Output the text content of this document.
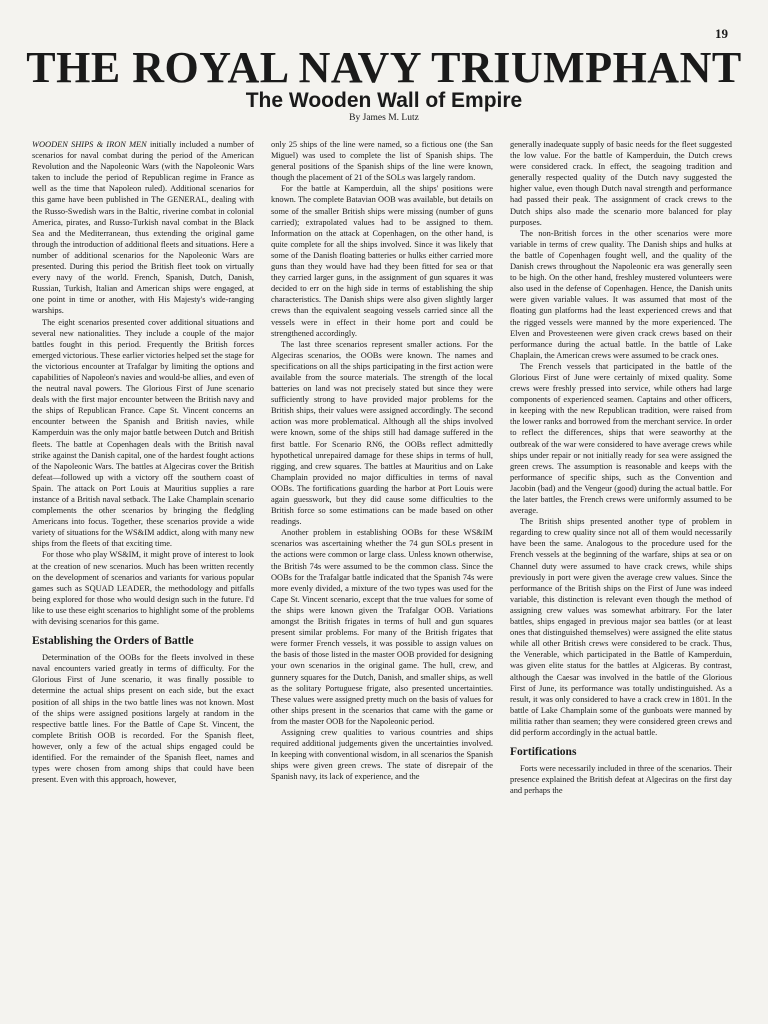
19
THE ROYAL NAVY TRIUMPHANT
The Wooden Wall of Empire
By James M. Lutz

WOODEN SHIPS & IRON MEN initially included a number of scenarios for naval combat during the period of the American Revolution and the Napoleonic Wars (with the Napoleonic Wars taken to include the period of Republican regime in France as well as the time that Napoleon ruled). Additional scenarios for this game have been published in The GENERAL, dealing with the Russo-Swedish wars in the Baltic, riverine combat in colonial America, pirates, and Russo-Turkish naval combat in the Black Sea and the Mediterranean, thus extending the original game through the introduction of additional fleets and situations. Here a number of additional scenarios for the Napoleonic Wars are presented. During this period the British fleet took on virtually every navy of the world. French, Spanish, Dutch, Danish, Russian, Turkish, Italian and American ships were engaged, at one point in time or another, with His Majesty's wide-ranging warships.

The eight scenarios presented cover additional situations and several new nationalities. They include a couple of the major battles fought in this period. Frequently the British forces emerged victorious. These earlier victories helped set the stage for the victorious encounter at Trafalgar by limiting the options and capabilities of Napoleon's navies and would-be allies, and even of the neutral naval powers. The Glorious First of June scenario deals with the first major encounter between the British navy and the ships of Republican France. Cape St. Vincent concerns an encounter between the Spanish and British navies, while Kamperduin was the only major battle between Dutch and British fleets. The battle at Copenhagen deals with the British naval strike against the Danish capital, one of the hardest fought actions of the Napoleonic Wars. The battles at Algeciras cover the British defeat—followed up with a victory off the southern coast of Spain. The attack on Port Louis at Mauritius supplies a rare instance of a British naval setback. The Lake Champlain scenario complements the other scenarios by bringing the fledgling Americans into focus. Together, these scenarios provide a wide variety of situations for the WS&IM addict, along with many new ships from the fleets of that exciting time.

For those who play WS&IM, it might prove of interest to look at the creation of new scenarios. Much has been written recently on the development of scenarios and variants for various popular games such as SQUAD LEADER, the methodology and pitfalls being explored for those who would design such in the future. I'd like to use these eight scenarios to highlight some of the problems with devising scenarios for this game.

Establishing the Orders of Battle

Determination of the OOBs for the fleets involved in these naval encounters varied greatly in terms of difficulty. For the Glorious First of June scenario, it was finally possible to determine the actual ships present on each side, but the exact position of all ships in the two battle lines was not known. Most of the ships were assigned positions largely at random in the respective battle lines. For the Battle of Cape St. Vincent, the complete British OOB is recorded. For the Spanish fleet, however, only a few of the actual ships engaged could be identified. For the remainder of the Spanish fleet, names and types were chosen from among ships that could have been present. Even with this approach, however,

only 25 ships of the line were named, so a fictious one (the San Miguel) was used to complete the list of Spanish ships. The general positions of the Spanish ships of the line were known, though the placement of 21 of the SOLs was largely random.

For the battle at Kamperduin, all the ships' positions were known. The complete Batavian OOB was available, but details on some of the smaller British ships were missing (number of guns carried); extrapolated values had to be assigned to them. Information on the attack at Copenhagen, on the other hand, is quite complete for all the ships involved. Since it was likely that some of the Danish floating batteries or hulks either carried more guns than they would have had they been fitted for sea or that they carried larger guns, in the assignment of gun squares it was decided to err on the high side in terms of establishing the ship characteristics. The Danish ships were also given slightly larger crews than the equivalent seagoing vessels carried since all the vessels were in effect in their home port and could be strengthened accordingly.

The last three scenarios represent smaller actions. For the Algeciras scenarios, the OOBs were known. The names and specifications on all the ships participating in the first action were available from the source materials. The strength of the local batteries on land was not precisely stated but since they were sufficiently strong to have provided major problems for the British ships, their values were assigned accordingly. The second action was more problematical. Although all the ships involved were known, some of the ships still had damage suffered in the first battle. For Scenario RN6, the OOBs reflect admittedly hypothetical unrepaired damage for these ships in terms of hull, rigging, and crew squares. The battles at Mauritius and on Lake Champlain provided no major difficulties in terms of naval OOBs. The fortifications guarding the harbor at Port Louis were again guesswork, but they did cause some difficulties to the British force so some estimations can be made based on other readings.

Another problem in establishing OOBs for these WS&IM scenarios was ascertaining whether the 74 gun SOLs present in the actions were common or large class. Unless known otherwise, the British 74s were assumed to be the common class. Since the OOBs for the Trafalgar battle indicated that the Spanish 74s were more evenly divided, a mixture of the two types was used for the Cape St. Vincent scenario, except that the true values for some of the ships were known given the Trafalgar OOB. Variations amongst the British frigates in terms of hull and gun squares present similar problems. For many of the British frigates that were former French vessels, it was possible to assign values on the basis of those listed in the master OOB provided for designing your own scenarios in the original game. The hull, crew, and gunnery squares for the Dutch, Danish, and smaller ships, as well as the solitary Portuguese frigate, also presented uncertainties. These values were assigned pretty much on the basis of values for other ships present in the scenarios that came with the game or from the master OOB for the Napoleonic period.

Assigning crew qualities to various countries and ships required additional judgements given the uncertainties involved. In keeping with conventional wisdom, in all scenarios the Spanish ships were given green crews. The state of disrepair of the Spanish navy, its lack of experience, and the

generally inadequate supply of basic needs for the fleet suggested the low value. For the battle of Kamperduin, the Dutch crews were considered crack. In effect, the seagoing tradition and generally respected quality of the Dutch navy suggested the higher value, even though Dutch naval strength and performance had passed their peak. The assignment of crack crews to the Dutch ships also made the scenario more balanced for play purposes.

The non-British forces in the other scenarios were more variable in terms of crew quality. The Danish ships and hulks at the battle of Copenhagen fought well, and the quality of the Danish crews throughout the Napoleonic era was generally seen to be high. On the other hand, freshley mustered volunteers were also used in the defense of Copenhagen. Hence, the Danish units were given variable values. It was assumed that most of the floating gun platforms had the least experienced crews and that the rigged vessels were manned by the more experienced. The Elven and Provesteenen were given crack crews based on their performance during the actual battle. In the battle of Lake Chaplain, the American crews were assumed to be crack ones.

The French vessels that participated in the battle of the Glorious First of June were certainly of mixed quality. Some crews were freshly pressed into service, while others had large components of experienced seamen. Captains and other officers, in keeping with the new Republican tradition, were raised from the lower ranks and borrowed from the merchant service. In order to reflect the differences, ships that were seaworthy at the outbreak of the war were considered to have average crews while ships under repair or not initially ready for sea were assigned the green crews. The assumption is reasonable and keeps with the performance of specific ships, such as the Convention and Jacobin (bad) and the Vengeur (good) during the actual battle. For the later battles, the French crews were uniformly assumed to be average.

The British ships presented another type of problem in regarding to crew quality since not all of them would necessarily have been the same. Analogous to the procedure used for the French vessels at the beginning of the warfare, ships at sea or on Channel duty were assumed to have crack crews, while ships previously in port were given the average crew values. Since the performance of the British ships on the First of June was indeed variable, this distinction is relevant even though the method of assigning crew values was somewhat arbitrary. For the later battles, ships engaged in previous major sea battles (or at least ones that distinguished themselves) were assigned the elite status while all other British crews were considered to be crack. Thus, the Venerable, which participated in the Battle of Kamperduin, was given elite status for the battles at Algiceras. By contrast, although the Caesar was involved in the battle of the Glorious First of June, its performance was totally undistinguished. As a result, it was only considered to have a crack crew in 1801. In the battle of Lake Champlain some of the gunboats were manned by militia rather than seamen; they were considered green crews and did perform accordingly in the actual battle.

Fortifications

Forts were necessarily included in three of the scenarios. Their presence explained the British defeat at Algeciras on the first day and perhaps the
